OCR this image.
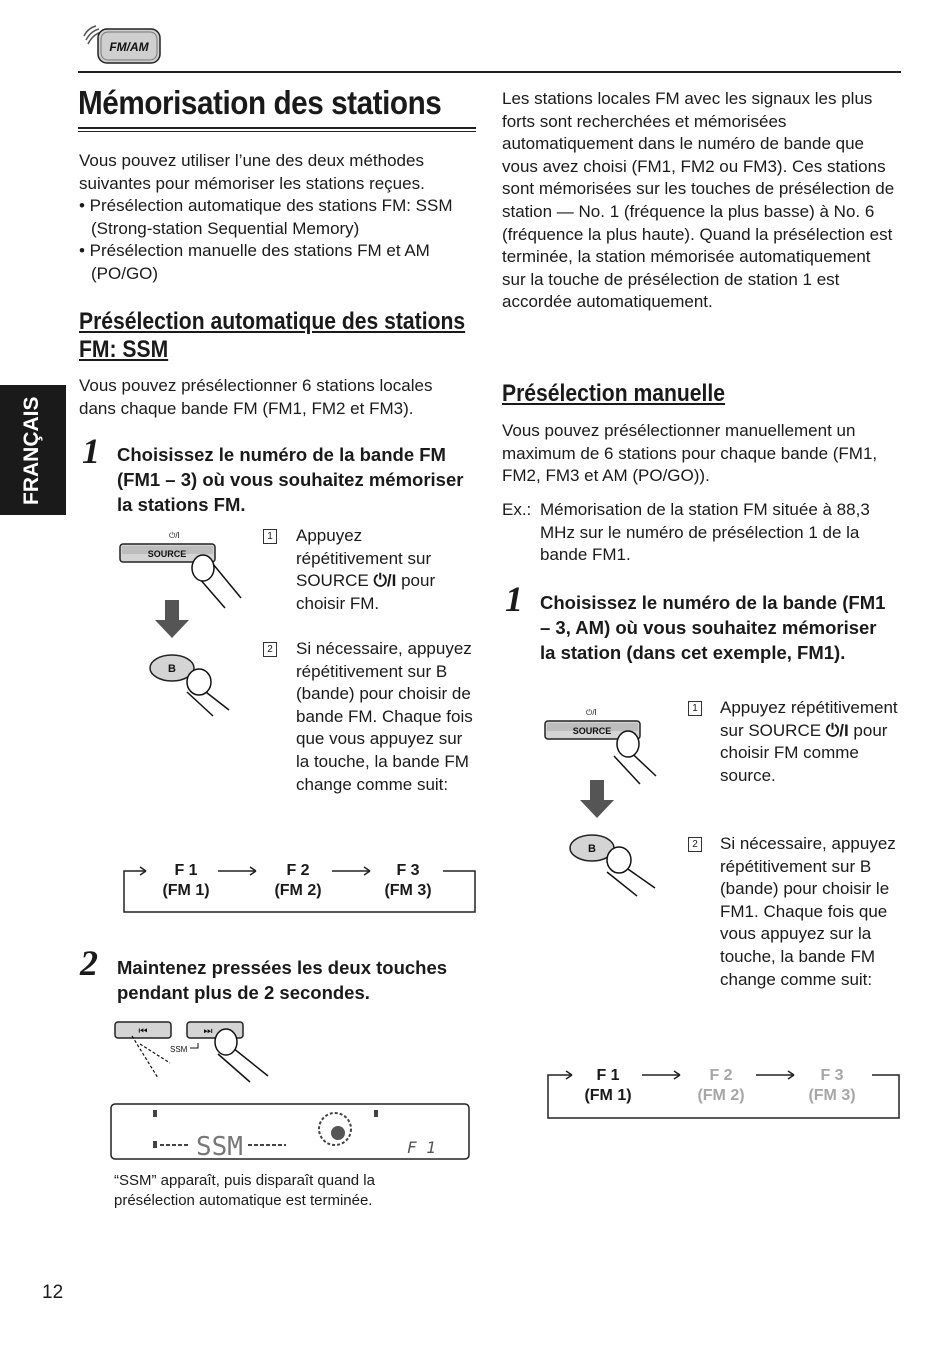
FM/AM
Mémorisation des stations
Vous pouvez utiliser l’une des deux méthodes suivantes pour mémoriser les stations reçues.
• Présélection automatique des stations FM: SSM (Strong-station Sequential Memory)
• Présélection manuelle des stations FM et AM (PO/GO)
FRANÇAIS
Présélection automatique des stations
FM: SSM
Vous pouvez présélectionner 6 stations locales dans chaque bande FM (FM1, FM2 et FM3).
1 Choisissez le numéro de la bande FM (FM1 – 3) où vous souhaitez mémoriser la stations FM.
⏻/I
SOURCE
B
1	Appuyez répétitivement sur SOURCE ⏻/I pour choisir FM.
2	Si nécessaire, appuyez répétitivement sur B (bande) pour choisir de bande FM. Chaque fois que vous appuyez sur la touche, la bande FM change comme suit:
F 1
(FM 1)
F 2
(FM 2)
F 3
(FM 3)
2 Maintenez pressées les deux touches pendant plus de 2 secondes.
⏮	⏭
SSM
SSM	F 1
“SSM” apparaît, puis disparaît quand la présélection automatique est terminée.
12
Les stations locales FM avec les signaux les plus forts sont recherchées et mémorisées automatiquement dans le numéro de bande que vous avez choisi (FM1, FM2 ou FM3). Ces stations sont mémorisées sur les touches de présélection de station — No. 1 (fréquence la plus basse) à No. 6 (fréquence la plus haute). Quand la présélection est terminée, la station mémorisée automatiquement sur la touche de présélection de station 1 est accordée automatiquement.
Présélection manuelle
Vous pouvez présélectionner manuellement un maximum de 6 stations pour chaque bande (FM1, FM2, FM3 et AM (PO/GO)).
Ex.: Mémorisation de la station FM située à 88,3 MHz sur le numéro de présélection 1 de la bande FM1.
1 Choisissez le numéro de la bande (FM1 – 3, AM) où vous souhaitez mémoriser la station (dans cet exemple, FM1).
⏻/I
SOURCE
B
1	Appuyez répétitivement sur SOURCE ⏻/I pour choisir FM comme source.
2	Si nécessaire, appuyez répétitivement sur B (bande) pour choisir le FM1. Chaque fois que vous appuyez sur la touche, la bande FM change comme suit:
F 1
(FM 1)
F 2
(FM 2)
F 3
(FM 3)
